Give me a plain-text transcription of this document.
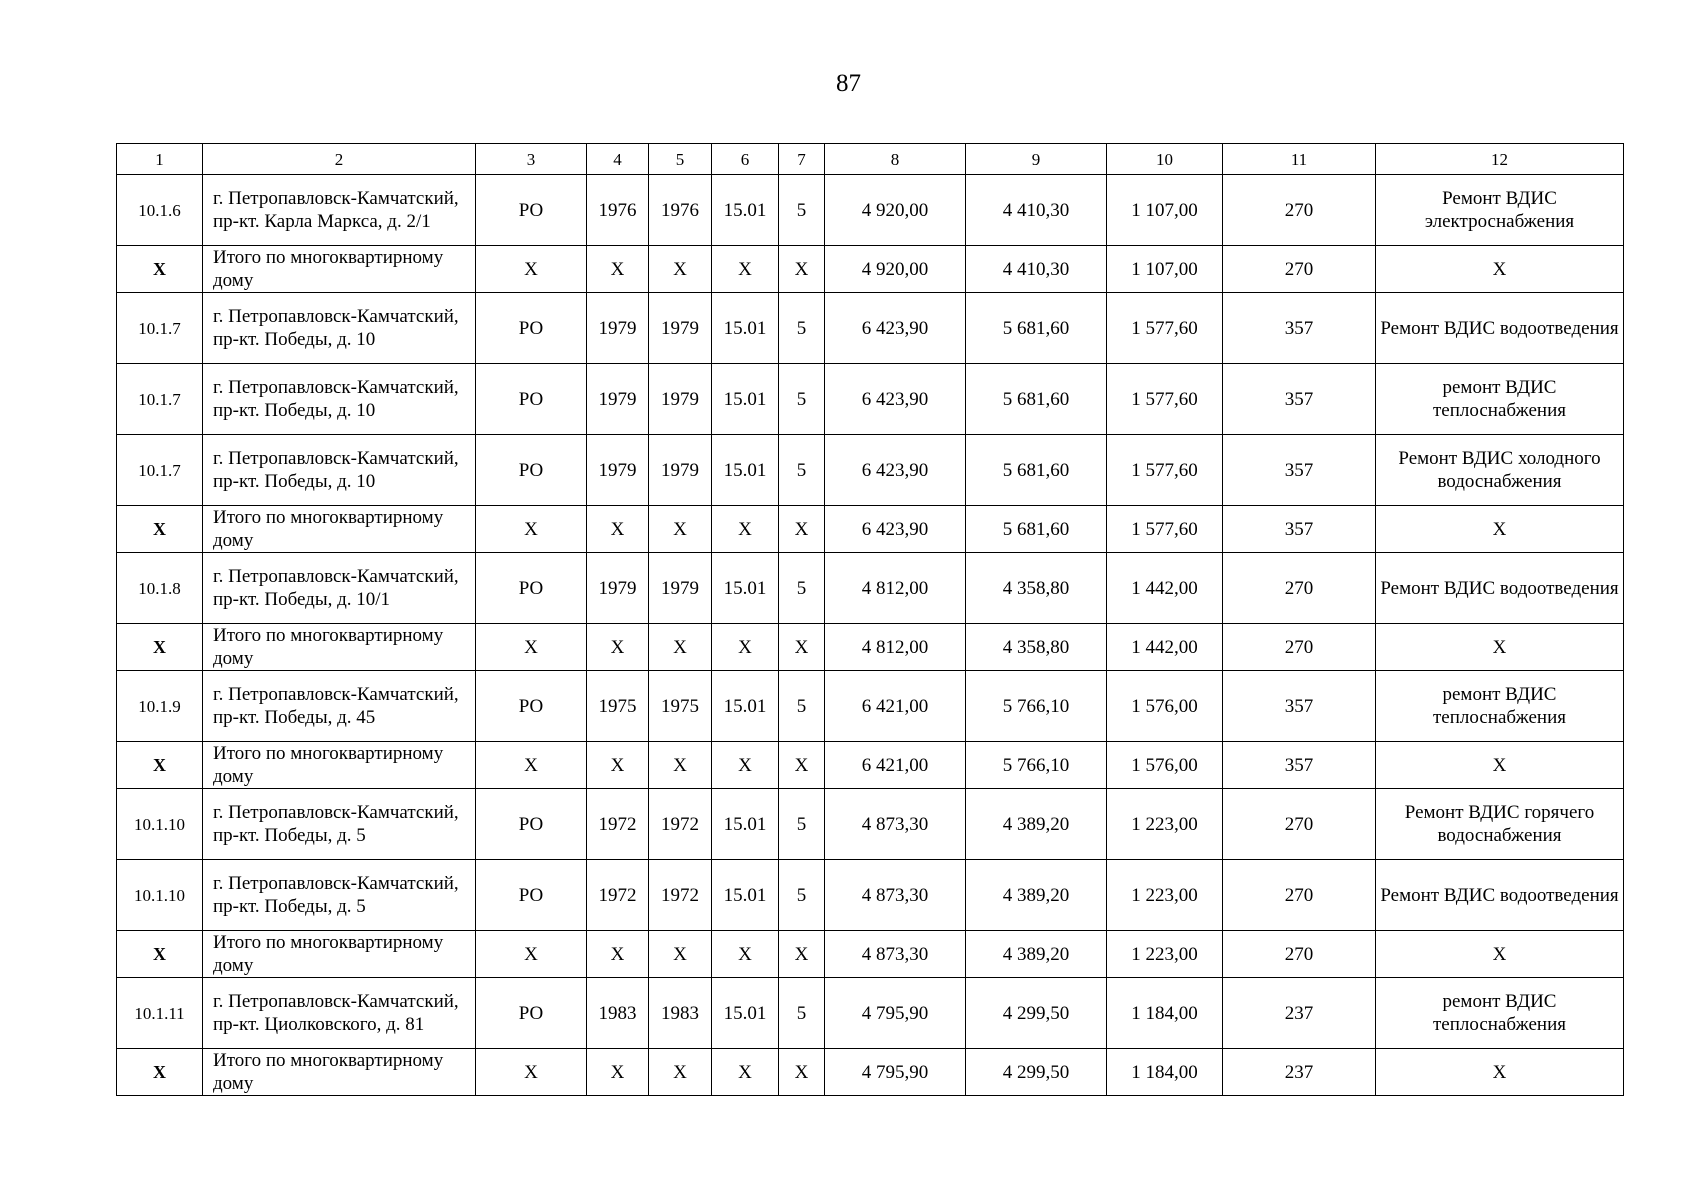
87
1	2	3	4	5	6	7	8	9	10	11	12
10.1.6	г. Петропавловск-Камчатский, пр-кт. Карла Маркса, д. 2/1	РО	1976	1976	15.01	5	4 920,00	4 410,30	1 107,00	270	Ремонт ВДИС электроснабжения
X	Итого по многоквартирному дому	X	X	X	X	X	4 920,00	4 410,30	1 107,00	270	X
10.1.7	г. Петропавловск-Камчатский, пр-кт. Победы, д. 10	РО	1979	1979	15.01	5	6 423,90	5 681,60	1 577,60	357	Ремонт ВДИС водоотведения
10.1.7	г. Петропавловск-Камчатский, пр-кт. Победы, д. 10	РО	1979	1979	15.01	5	6 423,90	5 681,60	1 577,60	357	ремонт ВДИС теплоснабжения
10.1.7	г. Петропавловск-Камчатский, пр-кт. Победы, д. 10	РО	1979	1979	15.01	5	6 423,90	5 681,60	1 577,60	357	Ремонт ВДИС холодного водоснабжения
X	Итого по многоквартирному дому	X	X	X	X	X	6 423,90	5 681,60	1 577,60	357	X
10.1.8	г. Петропавловск-Камчатский, пр-кт. Победы, д. 10/1	РО	1979	1979	15.01	5	4 812,00	4 358,80	1 442,00	270	Ремонт ВДИС водоотведения
X	Итого по многоквартирному дому	X	X	X	X	X	4 812,00	4 358,80	1 442,00	270	X
10.1.9	г. Петропавловск-Камчатский, пр-кт. Победы, д. 45	РО	1975	1975	15.01	5	6 421,00	5 766,10	1 576,00	357	ремонт ВДИС теплоснабжения
X	Итого по многоквартирному дому	X	X	X	X	X	6 421,00	5 766,10	1 576,00	357	X
10.1.10	г. Петропавловск-Камчатский, пр-кт. Победы, д. 5	РО	1972	1972	15.01	5	4 873,30	4 389,20	1 223,00	270	Ремонт ВДИС горячего водоснабжения
10.1.10	г. Петропавловск-Камчатский, пр-кт. Победы, д. 5	РО	1972	1972	15.01	5	4 873,30	4 389,20	1 223,00	270	Ремонт ВДИС водоотведения
X	Итого по многоквартирному дому	X	X	X	X	X	4 873,30	4 389,20	1 223,00	270	X
10.1.11	г. Петропавловск-Камчатский, пр-кт. Циолковского, д. 81	РО	1983	1983	15.01	5	4 795,90	4 299,50	1 184,00	237	ремонт ВДИС теплоснабжения
X	Итого по многоквартирному дому	X	X	X	X	X	4 795,90	4 299,50	1 184,00	237	X
